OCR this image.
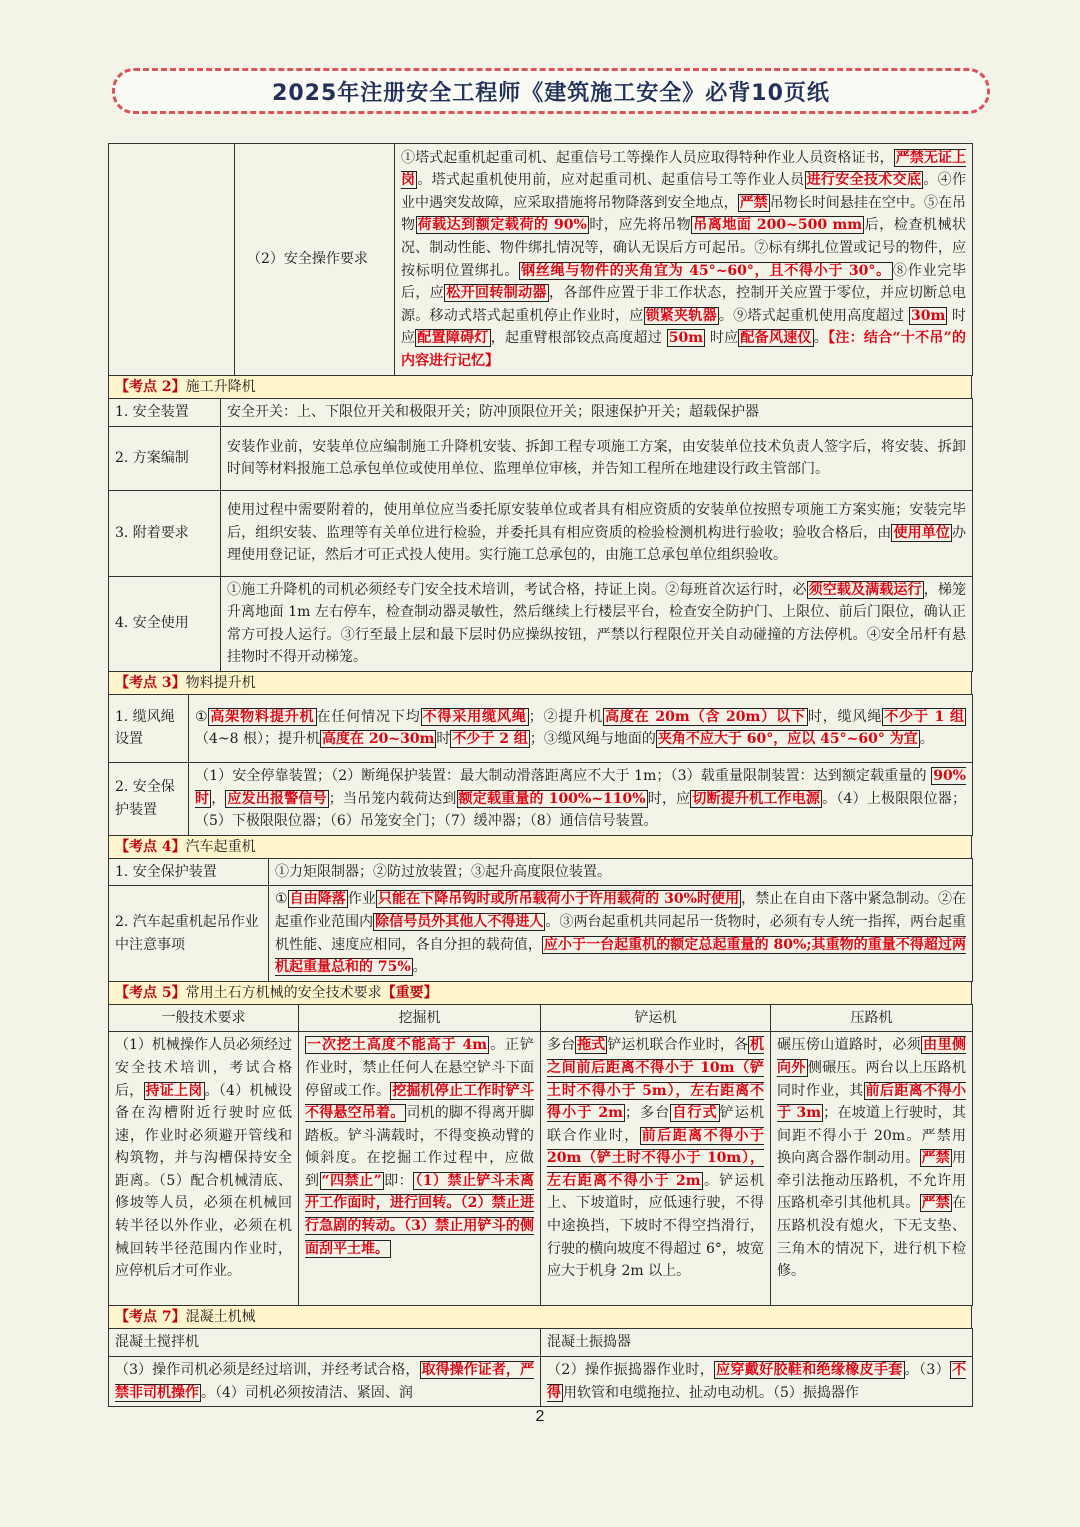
2025年注册安全工程师《建筑施工安全》必背10页纸
	（2）安全操作要求	①塔式起重机起重司机、起重信号工等操作人员应取得特种作业人员资格证书， 严禁无证上岗 。塔式起重机使用前，应对起重司机、起重信号工等作业人员 进行安全技术交底 。④作业中遇突发故障，应采取措施将吊物降落到安全地点， 严禁 吊物长时间悬挂在空中。⑤在吊物 荷载达到额定载荷的 90% 时，应先将吊物 吊离地面 200~500 mm 后，检查机械状况、制动性能、物件绑扎情况等，确认无误后方可起吊。⑦标有绑扎位置或记号的物件，应按标明位置绑扎。 钢丝绳与物件的夹角宜为 45°~60°，且不得小于 30°。 ⑧作业完毕后，应 松开回转制动器 ，各部件应置于非工作状态，控制开关应置于零位，并应切断总电源。移动式塔式起重机停止作业时，应 锁紧夹轨器 。⑨塔式起重机使用高度超过 30m 时应 配置障碍灯 ，起重臂根部铰点高度超过 50m 时应 配备风速仪 。【注：结合“十不吊”的内容进行记忆】
【考点 2】施工升降机
1. 安全装置	安全开关：上、下限位开关和极限开关；防冲顶限位开关；限速保护开关；超载保护器
2. 方案编制	安装作业前，安装单位应编制施工升降机安装、拆卸工程专项施工方案，由安装单位技术负责人签字后，将安装、拆卸时间等材料报施工总承包单位或使用单位、监理单位审核，并告知工程所在地建设行政主管部门。
3. 附着要求	使用过程中需要附着的，使用单位应当委托原安装单位或者具有相应资质的安装单位按照专项施工方案实施；安装完毕后，组织安装、监理等有关单位进行检验，并委托具有相应资质的检验检测机构进行验收；验收合格后，由 使用单位 办理使用登记证，然后才可正式投人使用。实行施工总承包的，由施工总承包单位组织验收。
4. 安全使用	①施工升降机的司机必须经专门安全技术培训，考试合格，持证上岗。②每班首次运行时，必 须空载及满载运行 ，梯笼升离地面 1m 左右停车，检查制动器灵敏性，然后继续上行楼层平台，检查安全防护门、上限位、前后门限位，确认正常方可投人运行。③行至最上层和最下层时仍应操纵按钮，严禁以行程限位开关自动碰撞的方法停机。④安全吊杆有悬挂物时不得开动梯笼。
【考点 3】物料提升机
1. 缆风绳设置	① 高架物料提升机 在任何情况下均 不得采用缆风绳 ；②提升机 高度在 20m（含 20m）以下 时，缆风绳 不少于 1 组（4~8 根）；提升机 高度在 20~30m 时 不少于 2 组 ；③缆风绳与地面的 夹角不应大于 60°，应以 45°~60° 为宜 。
2. 安全保护装置	（1）安全停靠装置；（2）断绳保护装置：最大制动滑落距离应不大于 1m；（3）载重量限制装置：达到额定载重量的 90%时 ， 应发出报警信号 ；当吊笼内载荷达到 额定载重量的 100%~110% 时，应 切断提升机工作电源 。（4）上极限限位器；（5）下极限限位器；（6）吊笼安全门；（7）缓冲器；（8）通信信号装置。
【考点 4】汽车起重机
1. 安全保护装置	①力矩限制器；②防过放装置；③起升高度限位装置。
2. 汽车起重机起吊作业中注意事项	① 自由降落 作业 只能在下降吊钩时或所吊载荷小于许用载荷的 30%时使用 ，禁止在自由下落中紧急制动。②在起重作业范围内 除信号员外其他人不得进人 。③两台起重机共同起吊一货物时，必须有专人统一指挥，两台起重机性能、速度应相同，各自分担的载荷值， 应小于一台起重机的额定总起重量的 80%;其重物的重量不得超过两机起重量总和的 75% 。
【考点 5】常用土石方机械的安全技术要求【重要】
一般技术要求	挖掘机	铲运机	压路机
（1）机械操作人员必须经过安全技术培训，考试合格后， 持证上岗 。（4）机械设备在沟槽附近行驶时应低速，作业时必须避开管线和构筑物，并与沟槽保持安全距离。（5）配合机械清底、修坡等人员，必须在机械回转半径以外作业，必须在机械回转半径范围内作业时，应停机后才可作业。	一次挖土高度不能高于 4m 。正铲作业时，禁止任何人在悬空铲斗下面停留或工作。 挖掘机停止工作时铲斗不得悬空吊着。 司机的脚不得离开脚踏板。铲斗满载时，不得变换动臂的倾斜度。在挖掘工作过程中，应做到 “四禁止” 即： （1）禁止铲斗未离开工作面时，进行回转。（2）禁止进行急剧的转动。（3）禁止用铲斗的侧面刮平土堆。	多台 拖式 铲运机联合作业时，各 机之间前后距离不得小于 10m（铲土时不得小于 5m），左右距离不得小于 2m ；多台 自行式 铲运机联合作业时， 前后距离不得小于 20m（铲土时不得小于 10m），左右距离不得小于 2m 。铲运机上、下坡道时，应低速行驶，不得中途换挡，下坡时不得空挡滑行，行驶的横向坡度不得超过 6°，坡宽应大于机身 2m 以上。	碾压傍山道路时，必须 由里侧向外 侧碾压。两台以上压路机同时作业，其 前后距离不得小于 3m ；在坡道上行驶时，其间距不得小于 20m。严禁用换向离合器作制动用。 严禁 用牵引法拖动压路机，不允许用压路机牵引其他机具。 严禁 在压路机没有熄火，下无支垫、三角木的情况下，进行机下检修。
【考点 7】混凝土机械
混凝土搅拌机	混凝土振捣器
（3）操作司机必须是经过培训，并经考试合格， 取得操作证者，严禁非司机操作 。（4）司机必须按清洁、紧固、润	（2）操作振捣器作业时， 应穿戴好胶鞋和绝缘橡皮手套 。（3） 不得 用软管和电缆拖拉、扯动电动机。（5）振捣器作
2
